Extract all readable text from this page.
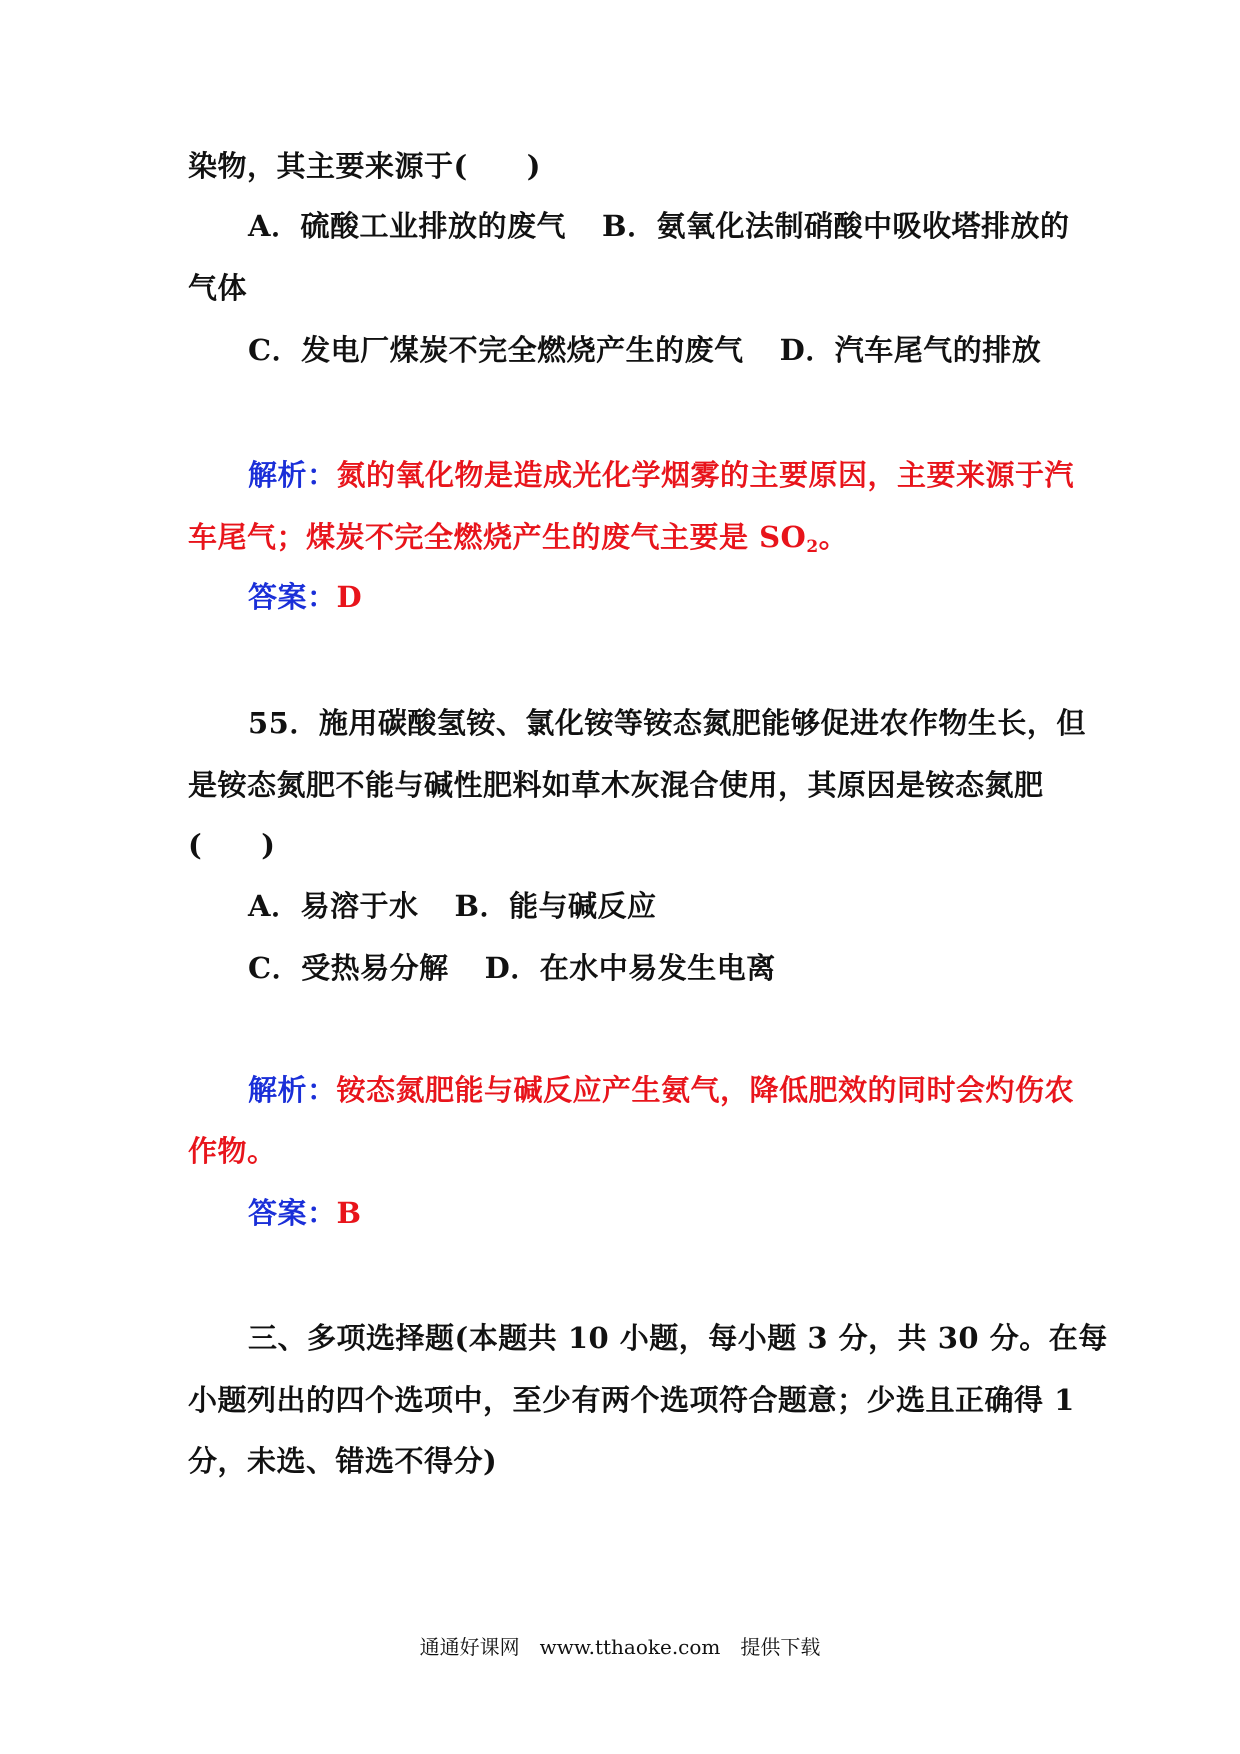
染物，其主要来源于(　　)
A．硫酸工业排放的废气 B．氨氧化法制硝酸中吸收塔排放的
气体
C．发电厂煤炭不完全燃烧产生的废气 D．汽车尾气的排放
解析：氮的氧化物是造成光化学烟雾的主要原因，主要来源于汽
车尾气；煤炭不完全燃烧产生的废气主要是 $SO_2$。
答案：D
55．施用碳酸氢铵、氯化铵等铵态氮肥能够促进农作物生长，但
是铵态氮肥不能与碱性肥料如草木灰混合使用，其原因是铵态氮肥
(　　)
A．易溶于水 B．能与碱反应
C．受热易分解 D．在水中易发生电离
解析：铵态氮肥能与碱反应产生氨气，降低肥效的同时会灼伤农
作物。
答案：B
三、多项选择题(本题共 10 小题，每小题 3 分，共 30 分。在每
小题列出的四个选项中，至少有两个选项符合题意；少选且正确得 1
分，未选、错选不得分)
通通好课网　www.tthaoke.com　提供下载
